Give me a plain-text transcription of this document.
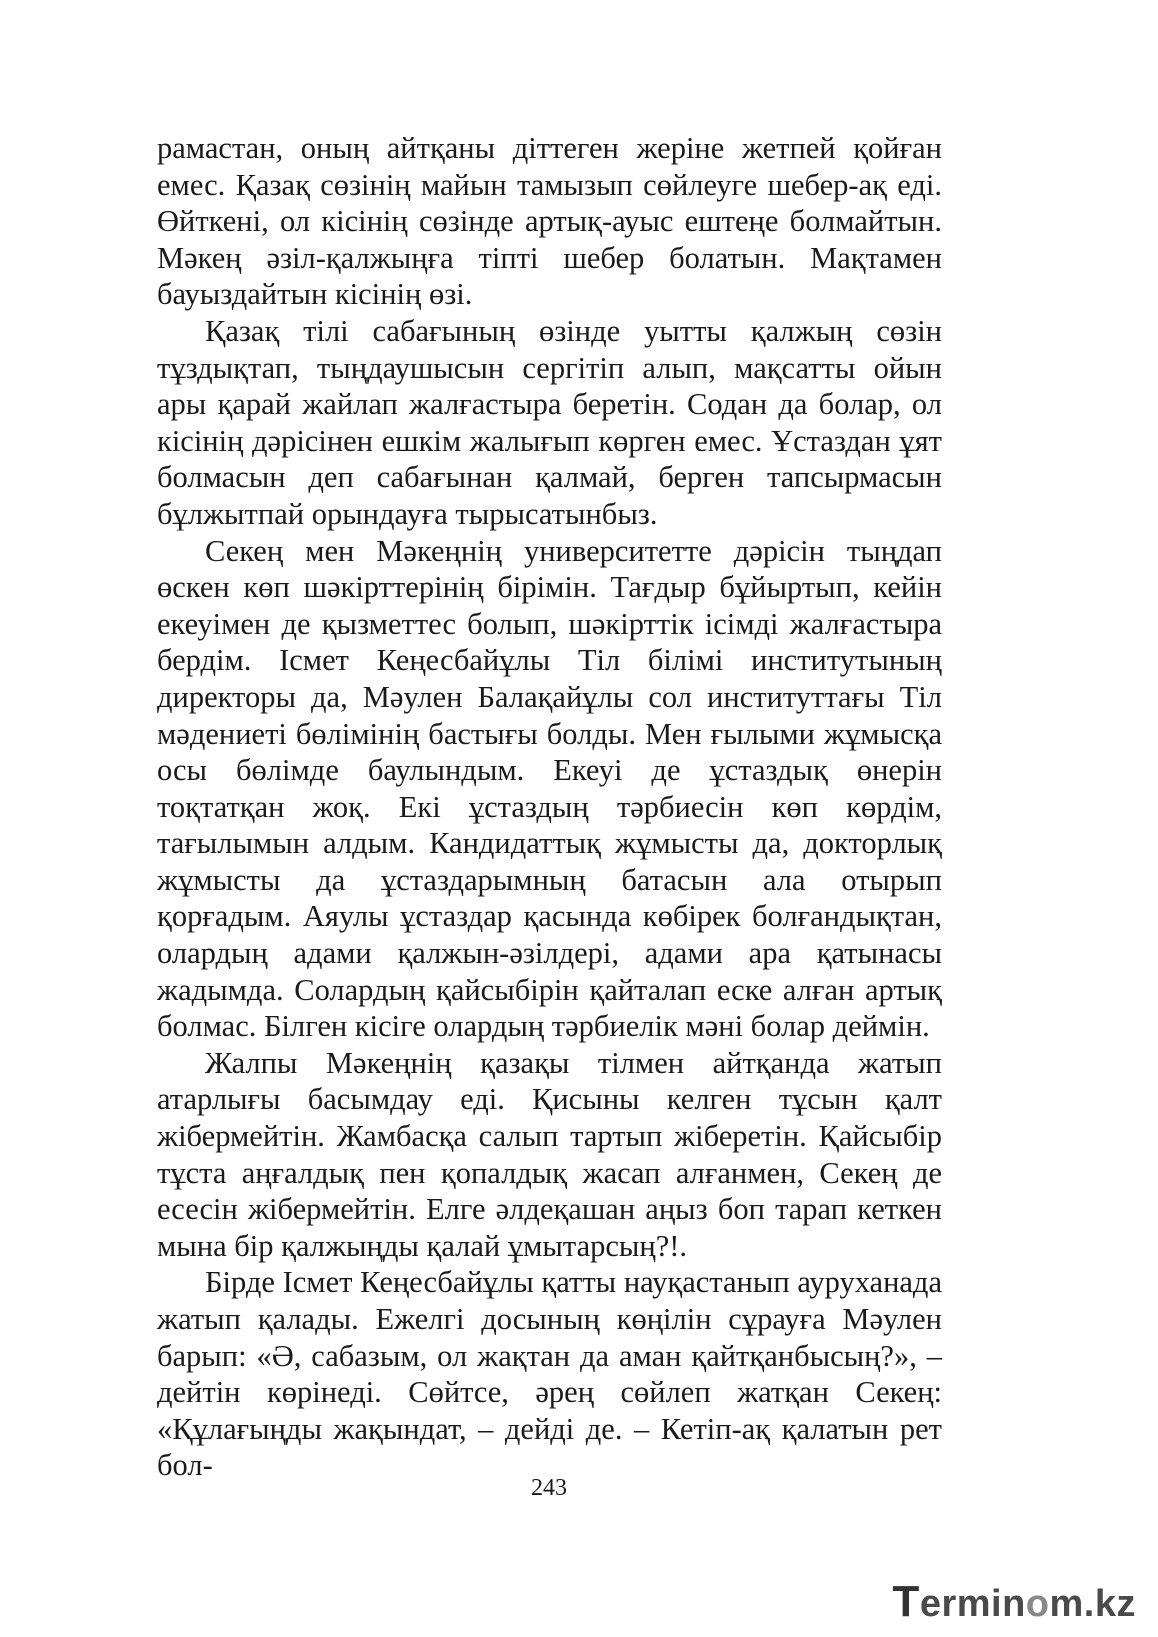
рамастан, оның айтқаны діттеген жеріне жетпей қойған емес. Қазақ сөзінің майын тамызып сөйлеуге шебер-ақ еді. Өйткені, ол кісінің сөзінде артық-ауыс ештеңе болмайтын. Мәкең әзіл-қалжыңға тіпті шебер болатын. Мақтамен бауыздайтын кісінің өзі.

Қазақ тілі сабағының өзінде уытты қалжың сөзін тұздықтап, тыңдаушысын сергітіп алып, мақсатты ойын ары қарай жайлап жалғастыра беретін. Содан да болар, ол кісінің дәрісінен ешкім жалығып көрген емес. Ұстаздан ұят болмасын деп сабағынан қалмай, берген тапсырмасын бұлжытпай орындауға тырысатынбыз.

Секең мен Мәкеңнің университетте дәрісін тыңдап өскен көп шәкірттерінің бірімін. Тағдыр бұйыртып, кейін екеуімен де қызметтес болып, шәкірттік ісімді жалғастыра бердім. Ісмет Кеңесбайұлы Тіл білімі институтының директоры да, Мәулен Балақайұлы сол институттағы Тіл мәдениеті бөлімінің бастығы болды. Мен ғылыми жұмысқа осы бөлімде баулындым. Екеуі де ұстаздық өнерін тоқтатқан жоқ. Екі ұстаздың тәрбиесін көп көрдім, тағылымын алдым. Кандидаттық жұмысты да, докторлық жұмысты да ұстаздарымның батасын ала отырып қорғадым. Аяулы ұстаздар қасында көбірек болғандықтан, олардың адами қалжын-әзілдері, адами ара қатынасы жадымда. Солардың қайсыбірін қайталап еске алған артық болмас. Білген кісіге олардың тәрбиелік мәні болар деймін.

Жалпы Мәкеңнің қазақы тілмен айтқанда жатып атарлығы басымдау еді. Қисыны келген тұсын қалт жібермейтін. Жамбасқа салып тартып жіберетін. Қайсыбір тұста аңғалдық пен қопалдық жасап алғанмен, Секең де есесін жібермейтін. Елге әлдеқашан аңыз боп тарап кеткен мына бір қалжыңды қалай ұмытарсың?!.

Бірде Ісмет Кеңесбайұлы қатты науқастанып ауруханада жатып қалады. Ежелгі досының көңілін сұрауға Мәулен барып: «Ә, сабазым, ол жақтан да аман қайтқанбысың?», – дейтін көрінеді. Сөйтсе, әрең сөйлеп жатқан Секең: «Құлағыңды жақындат, – дейді де. – Кетіп-ақ қалатын рет бол-

243
Terminom.kz
